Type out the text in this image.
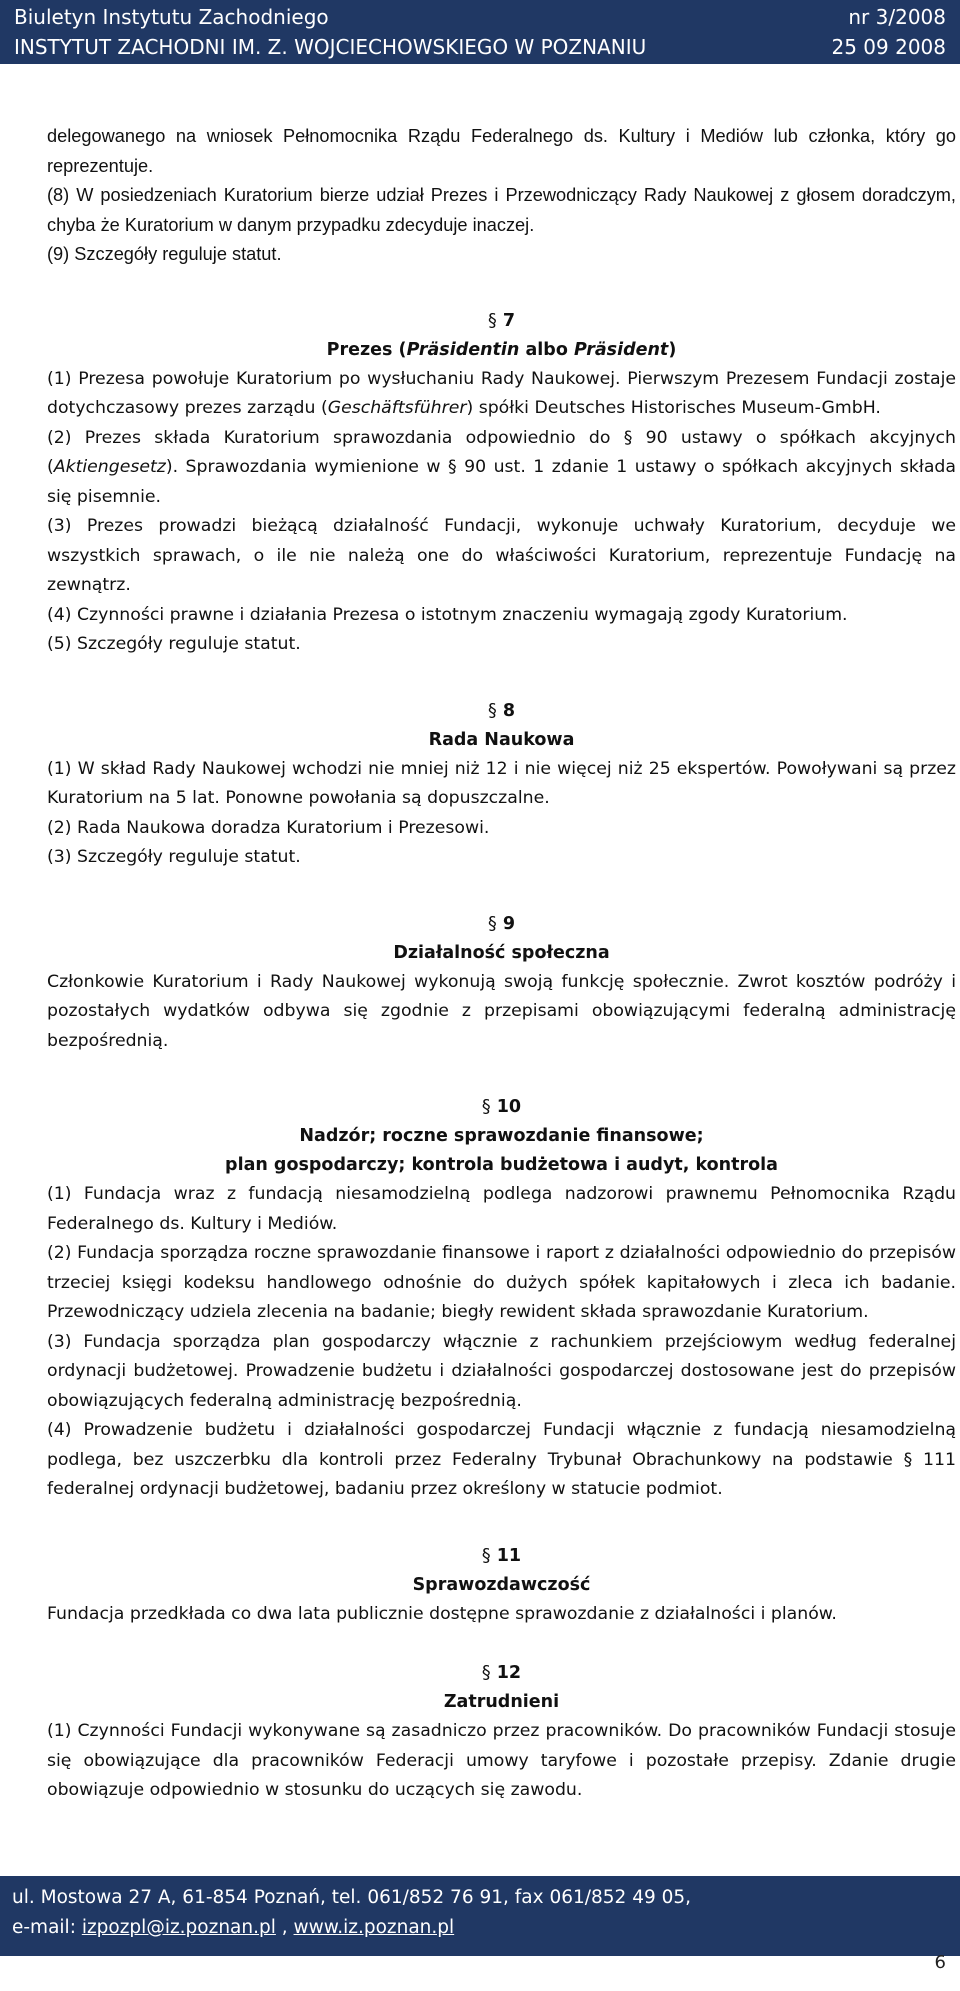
Biuletyn Instytutu Zachodniego	nr 3/2008
INSTYTUT ZACHODNI IM. Z. WOJCIECHOWSKIEGO W POZNANIU	25 09 2008

delegowanego na wniosek Pełnomocnika Rządu Federalnego ds. Kultury i Mediów lub członka, który go reprezentuje.

(8) W posiedzeniach Kuratorium bierze udział Prezes i Przewodniczący Rady Naukowej z głosem doradczym, chyba że Kuratorium w danym przypadku zdecyduje inaczej.

(9) Szczegóły reguluje statut.

§ 7

Prezes (Präsidentin albo Präsident)

(1) Prezesa powołuje Kuratorium po wysłuchaniu Rady Naukowej. Pierwszym Prezesem Fundacji zostaje dotychczasowy prezes zarządu (Geschäftsführer) spółki Deutsches Historisches Museum-GmbH.

(2) Prezes składa Kuratorium sprawozdania odpowiednio do § 90 ustawy o spółkach akcyjnych (Aktiengesetz). Sprawozdania wymienione w § 90 ust. 1 zdanie 1 ustawy o spółkach akcyjnych składa się pisemnie.

(3) Prezes prowadzi bieżącą działalność Fundacji, wykonuje uchwały Kuratorium, decyduje we wszystkich sprawach, o ile nie należą one do właściwości Kuratorium, reprezentuje Fundację na zewnątrz.

(4) Czynności prawne i działania Prezesa o istotnym znaczeniu wymagają zgody Kuratorium.

(5) Szczegóły reguluje statut.

§ 8

Rada Naukowa

(1) W skład Rady Naukowej wchodzi nie mniej niż 12 i nie więcej niż 25 ekspertów. Powoływani są przez Kuratorium na 5 lat. Ponowne powołania są dopuszczalne.

(2) Rada Naukowa doradza Kuratorium i Prezesowi.

(3) Szczegóły reguluje statut.

§ 9

Działalność społeczna

Członkowie Kuratorium i Rady Naukowej wykonują swoją funkcję społecznie. Zwrot kosztów podróży i pozostałych wydatków odbywa się zgodnie z przepisami obowiązującymi federalną administrację bezpośrednią.

§ 10

Nadzór; roczne sprawozdanie finansowe;

plan gospodarczy; kontrola budżetowa i audyt, kontrola

(1) Fundacja wraz z fundacją niesamodzielną podlega nadzorowi prawnemu Pełnomocnika Rządu Federalnego ds. Kultury i Mediów.

(2) Fundacja sporządza roczne sprawozdanie finansowe i raport z działalności odpowiednio do przepisów trzeciej księgi kodeksu handlowego odnośnie do dużych spółek kapitałowych i zleca ich badanie. Przewodniczący udziela zlecenia na badanie; biegły rewident składa sprawozdanie Kuratorium.

(3) Fundacja sporządza plan gospodarczy włącznie z rachunkiem przejściowym według federalnej ordynacji budżetowej. Prowadzenie budżetu i działalności gospodarczej dostosowane jest do przepisów obowiązujących federalną administrację bezpośrednią.

(4) Prowadzenie budżetu i działalności gospodarczej Fundacji włącznie z fundacją niesamodzielną podlega, bez uszczerbku dla kontroli przez Federalny Trybunał Obrachunkowy na podstawie § 111 federalnej ordynacji budżetowej, badaniu przez określony w statucie podmiot.

§ 11

Sprawozdawczość

Fundacja przedkłada co dwa lata publicznie dostępne sprawozdanie z działalności i planów.

§ 12

Zatrudnieni

(1) Czynności Fundacji wykonywane są zasadniczo przez pracowników. Do pracowników Fundacji stosuje się obowiązujące dla pracowników Federacji umowy taryfowe i pozostałe przepisy. Zdanie drugie obowiązuje odpowiednio w stosunku do uczących się zawodu.

ul. Mostowa 27 A, 61-854 Poznań, tel. 061/852 76 91, fax 061/852 49 05,
e-mail: izpozpl@iz.poznan.pl , www.iz.poznan.pl
6
